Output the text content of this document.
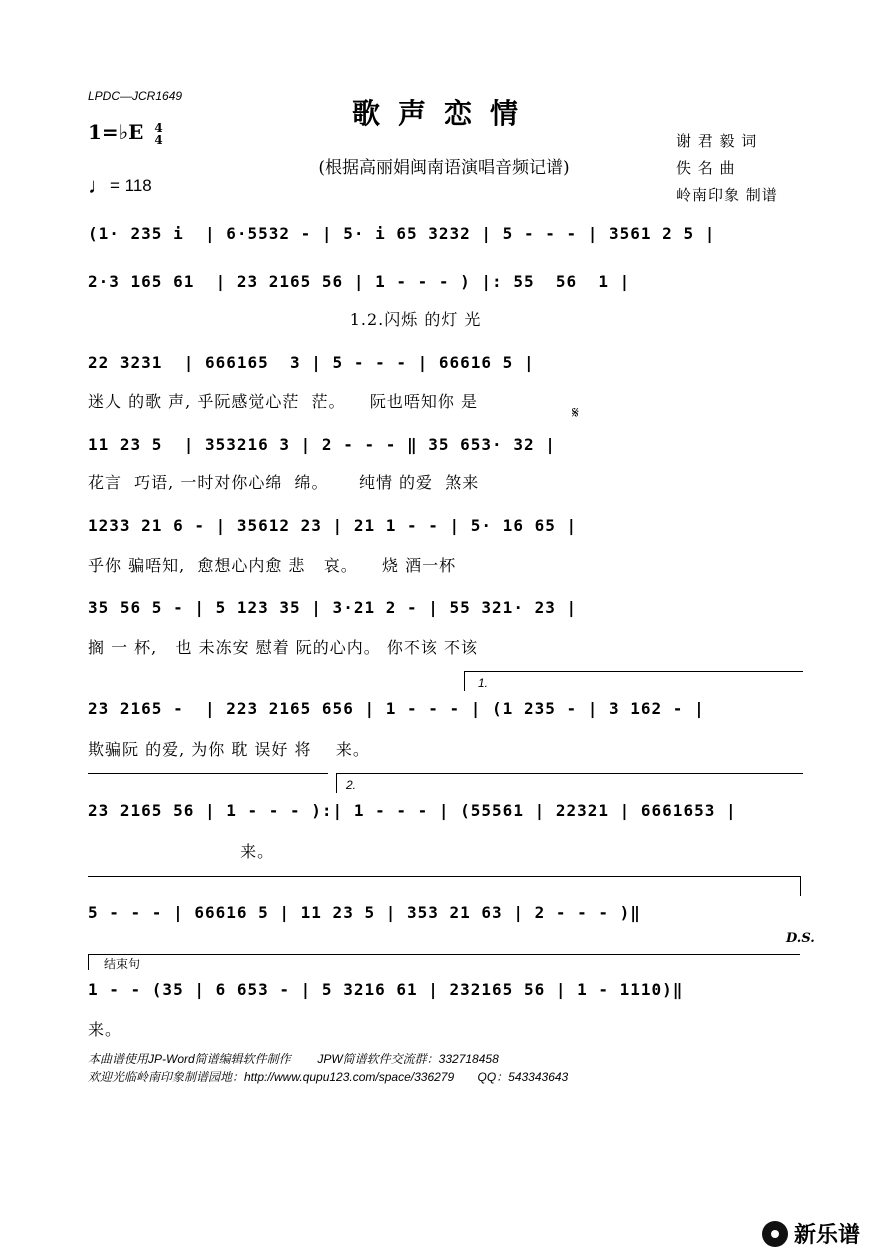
LPDC—JCR1649
歌声恋情
(根据高丽娟闽南语演唱音频记谱)
1=♭E 4
4
♩= 118
谢 君 毅 词
佚 名 曲
岭南印象 制谱
(1· 235 i  | 6·5532 - | 5· i 65 3232 | 5 - - - | 3561 2 5 |
2·3 165 61  | 23 2165 56 | 1 - - - ) |: 55  56  1 |
1.2.闪烁 的灯 光
22 3231  | 666165  3 | 5 - - - | 66616 5 |
迷人 的歌 声, 乎阮感觉心茫  茫。    阮也唔知你 是
𝄋
11 23 5  | 353216 3 | 2 - - - ‖ 35 653· 32 |
花言  巧语, 一时对你心绵  绵。     纯情 的爱  煞来
1233 21 6 - | 35612 23 | 21 1 - - | 5· 16 65 |
乎你 骗唔知,  愈想心内愈 悲   哀。    烧 酒一杯
35 56 5 - | 5 123 35 | 3·21 2 - | 55 321· 23 |
搁 一 杯,   也 未冻安 慰着 阮的心内。 你不该 不该
1.
23 2165 -  | 223 2165 656 | 1 - - - | (1 235 - | 3 162 - |
欺骗阮 的爱, 为你 耽 误好 将    来。
2.
23 2165 56 | 1 - - - ):| 1 - - - | (55561 | 22321 | 6661653 |
来。
5 - - - | 66616 5 | 11 23 5 | 353 21 63 | 2 - - - )‖
D.S.
结束句
1 - - (35 | 6 653 - | 5 3216 61 | 232165 56 | 1 - 1110)‖
来。
本曲谱使用JP-Word简谱编辑软件制作        JPW简谱软件交流群：332718458
欢迎光临岭南印象制谱园地：http://www.qupu123.com/space/336279       QQ：543343643
新乐谱
